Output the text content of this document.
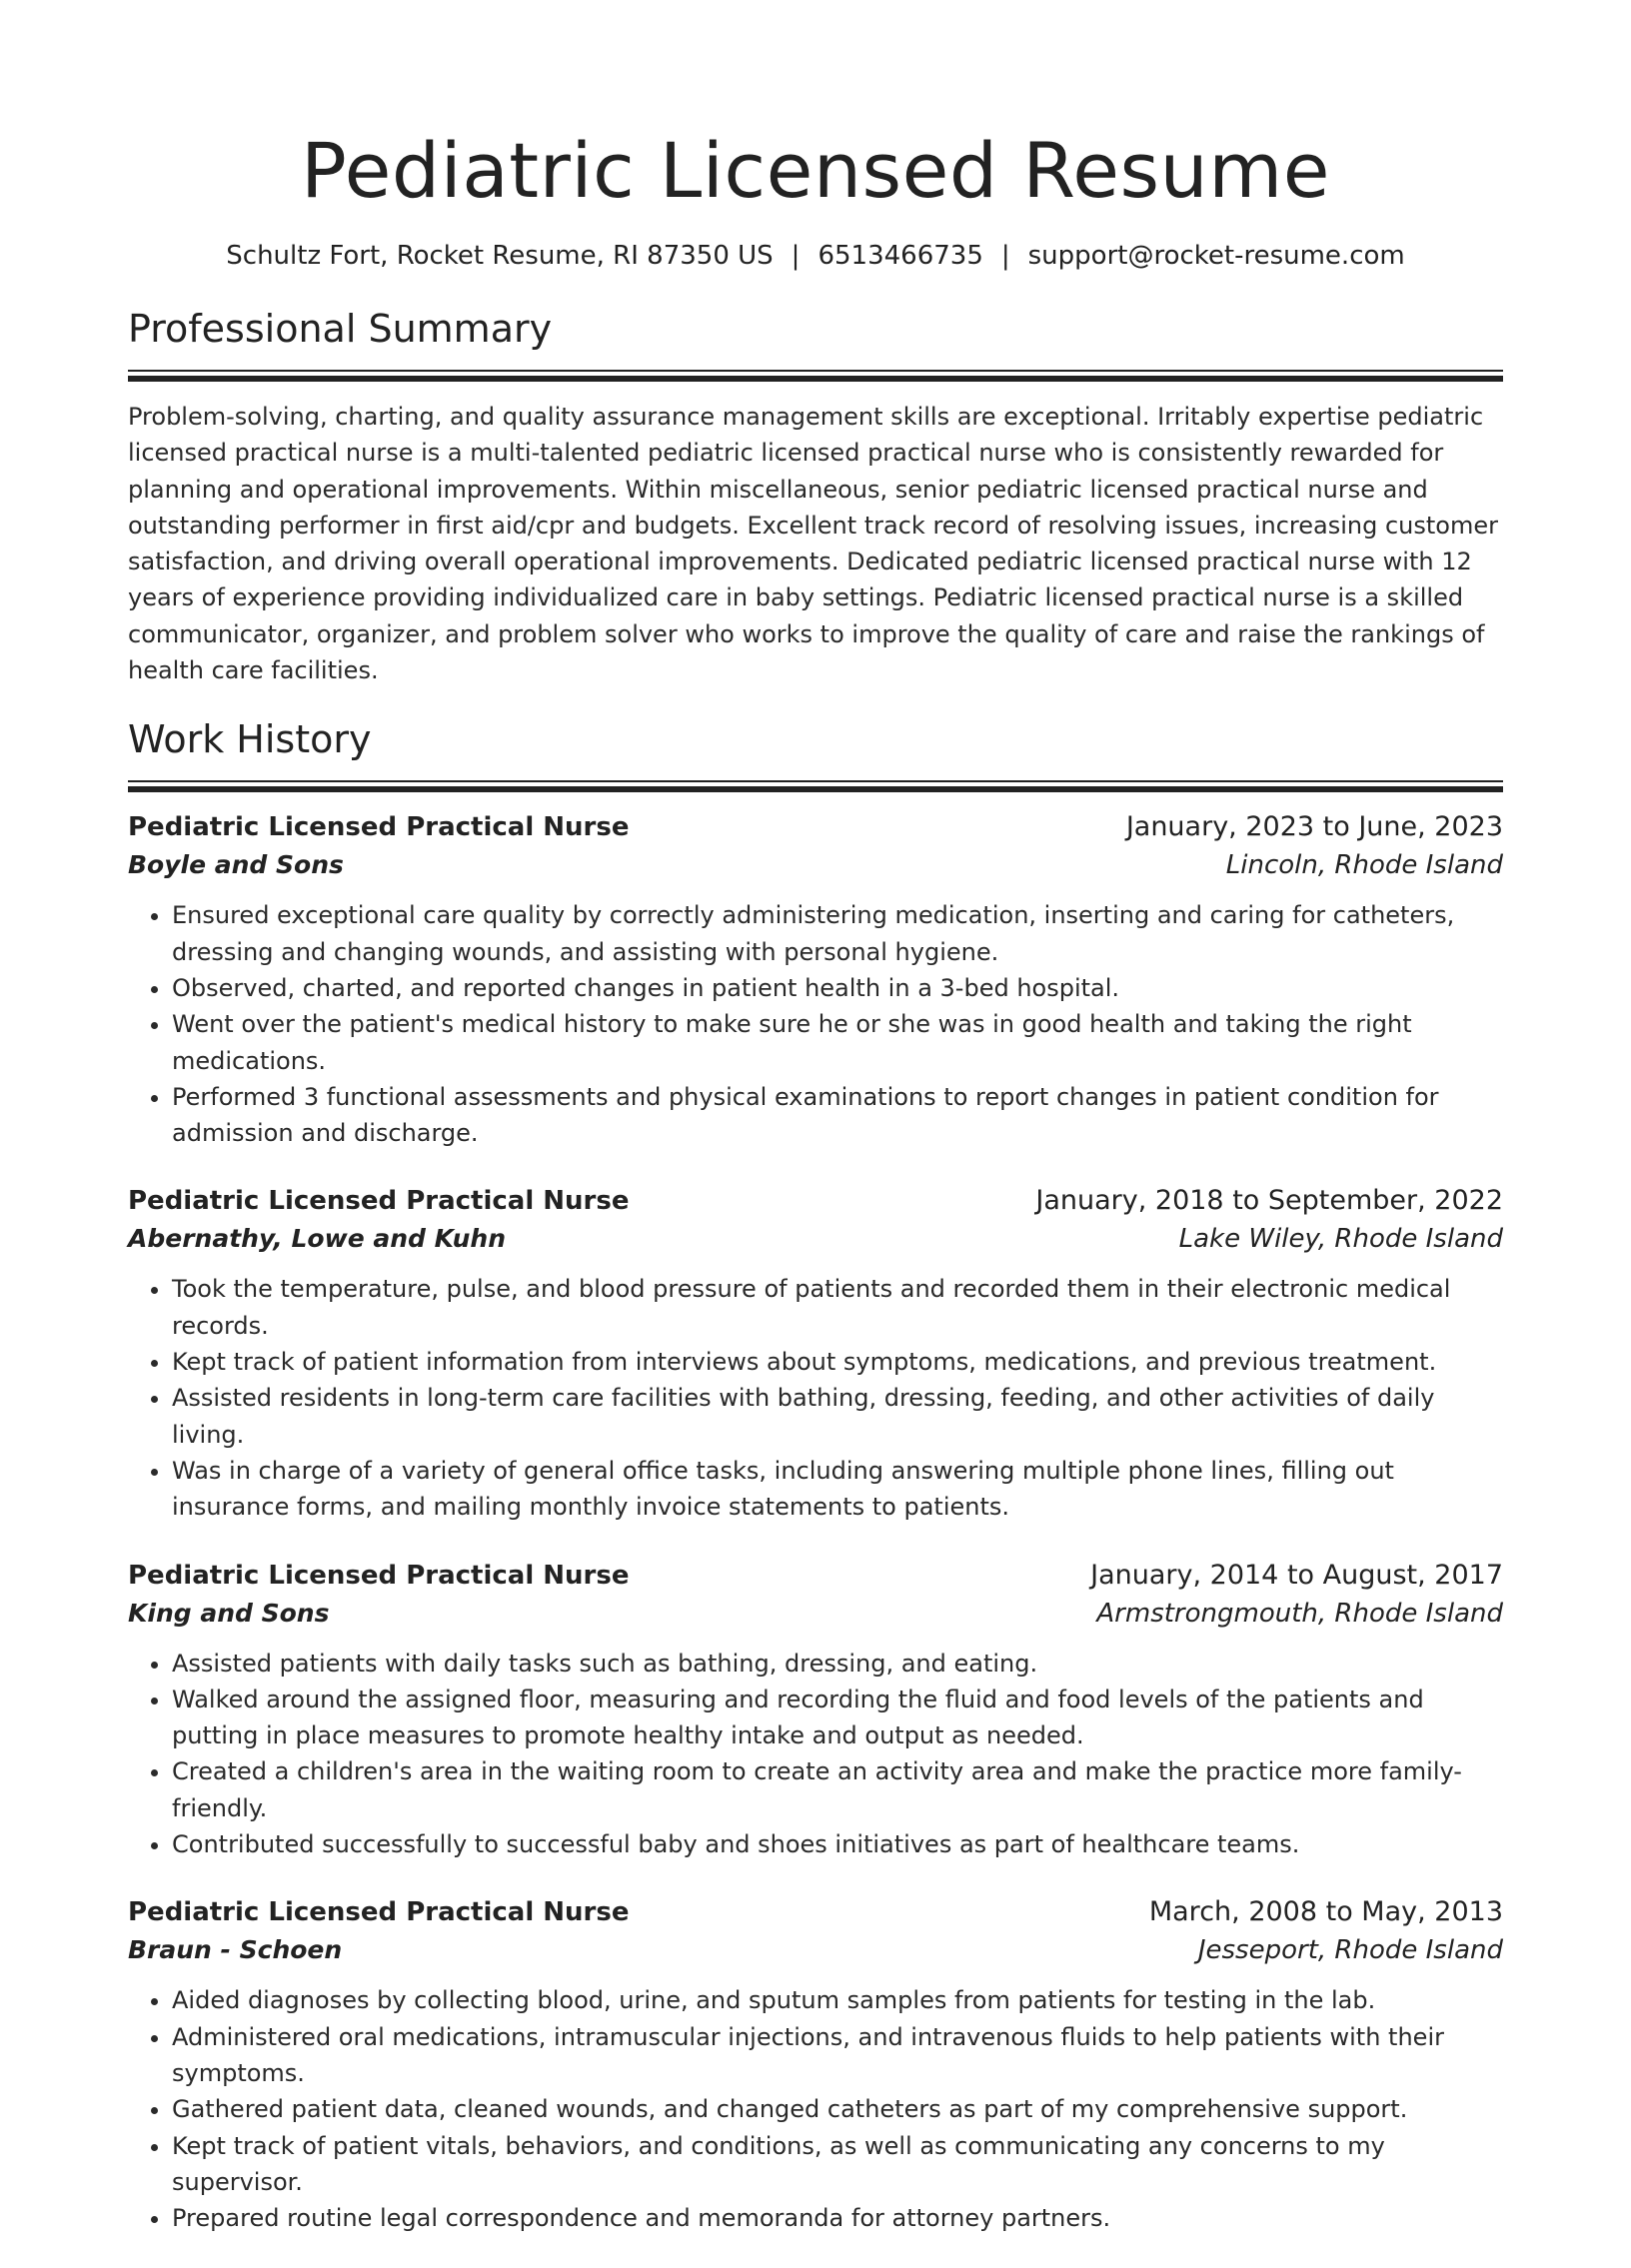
Pediatric Licensed Resume
Schultz Fort, Rocket Resume, RI 87350 US | 6513466735 | support@rocket-resume.com
Professional Summary

Problem-solving, charting, and quality assurance management skills are exceptional. Irritably expertise pediatric licensed practical nurse is a multi-talented pediatric licensed practical nurse who is consistently rewarded for planning and operational improvements. Within miscellaneous, senior pediatric licensed practical nurse and outstanding performer in first aid/cpr and budgets. Excellent track record of resolving issues, increasing customer satisfaction, and driving overall operational improvements. Dedicated pediatric licensed practical nurse with 12 years of experience providing individualized care in baby settings. Pediatric licensed practical nurse is a skilled communicator, organizer, and problem solver who works to improve the quality of care and raise the rankings of health care facilities.

Work History
Pediatric Licensed Practical Nurse	January, 2023 to June, 2023
Boyle and Sons	Lincoln, Rhode Island
• Ensured exceptional care quality by correctly administering medication, inserting and caring for catheters, dressing and changing wounds, and assisting with personal hygiene.
• Observed, charted, and reported changes in patient health in a 3-bed hospital.
• Went over the patient's medical history to make sure he or she was in good health and taking the right medications.
• Performed 3 functional assessments and physical examinations to report changes in patient condition for admission and discharge.
Pediatric Licensed Practical Nurse	January, 2018 to September, 2022
Abernathy, Lowe and Kuhn	Lake Wiley, Rhode Island
• Took the temperature, pulse, and blood pressure of patients and recorded them in their electronic medical records.
• Kept track of patient information from interviews about symptoms, medications, and previous treatment.
• Assisted residents in long-term care facilities with bathing, dressing, feeding, and other activities of daily living.
• Was in charge of a variety of general office tasks, including answering multiple phone lines, filling out insurance forms, and mailing monthly invoice statements to patients.
Pediatric Licensed Practical Nurse	January, 2014 to August, 2017
King and Sons	Armstrongmouth, Rhode Island
• Assisted patients with daily tasks such as bathing, dressing, and eating.
• Walked around the assigned floor, measuring and recording the fluid and food levels of the patients and putting in place measures to promote healthy intake and output as needed.
• Created a children's area in the waiting room to create an activity area and make the practice more family-friendly.
• Contributed successfully to successful baby and shoes initiatives as part of healthcare teams.
Pediatric Licensed Practical Nurse	March, 2008 to May, 2013
Braun - Schoen	Jesseport, Rhode Island
• Aided diagnoses by collecting blood, urine, and sputum samples from patients for testing in the lab.
• Administered oral medications, intramuscular injections, and intravenous fluids to help patients with their symptoms.
• Gathered patient data, cleaned wounds, and changed catheters as part of my comprehensive support.
• Kept track of patient vitals, behaviors, and conditions, as well as communicating any concerns to my supervisor.
• Prepared routine legal correspondence and memoranda for attorney partners.
